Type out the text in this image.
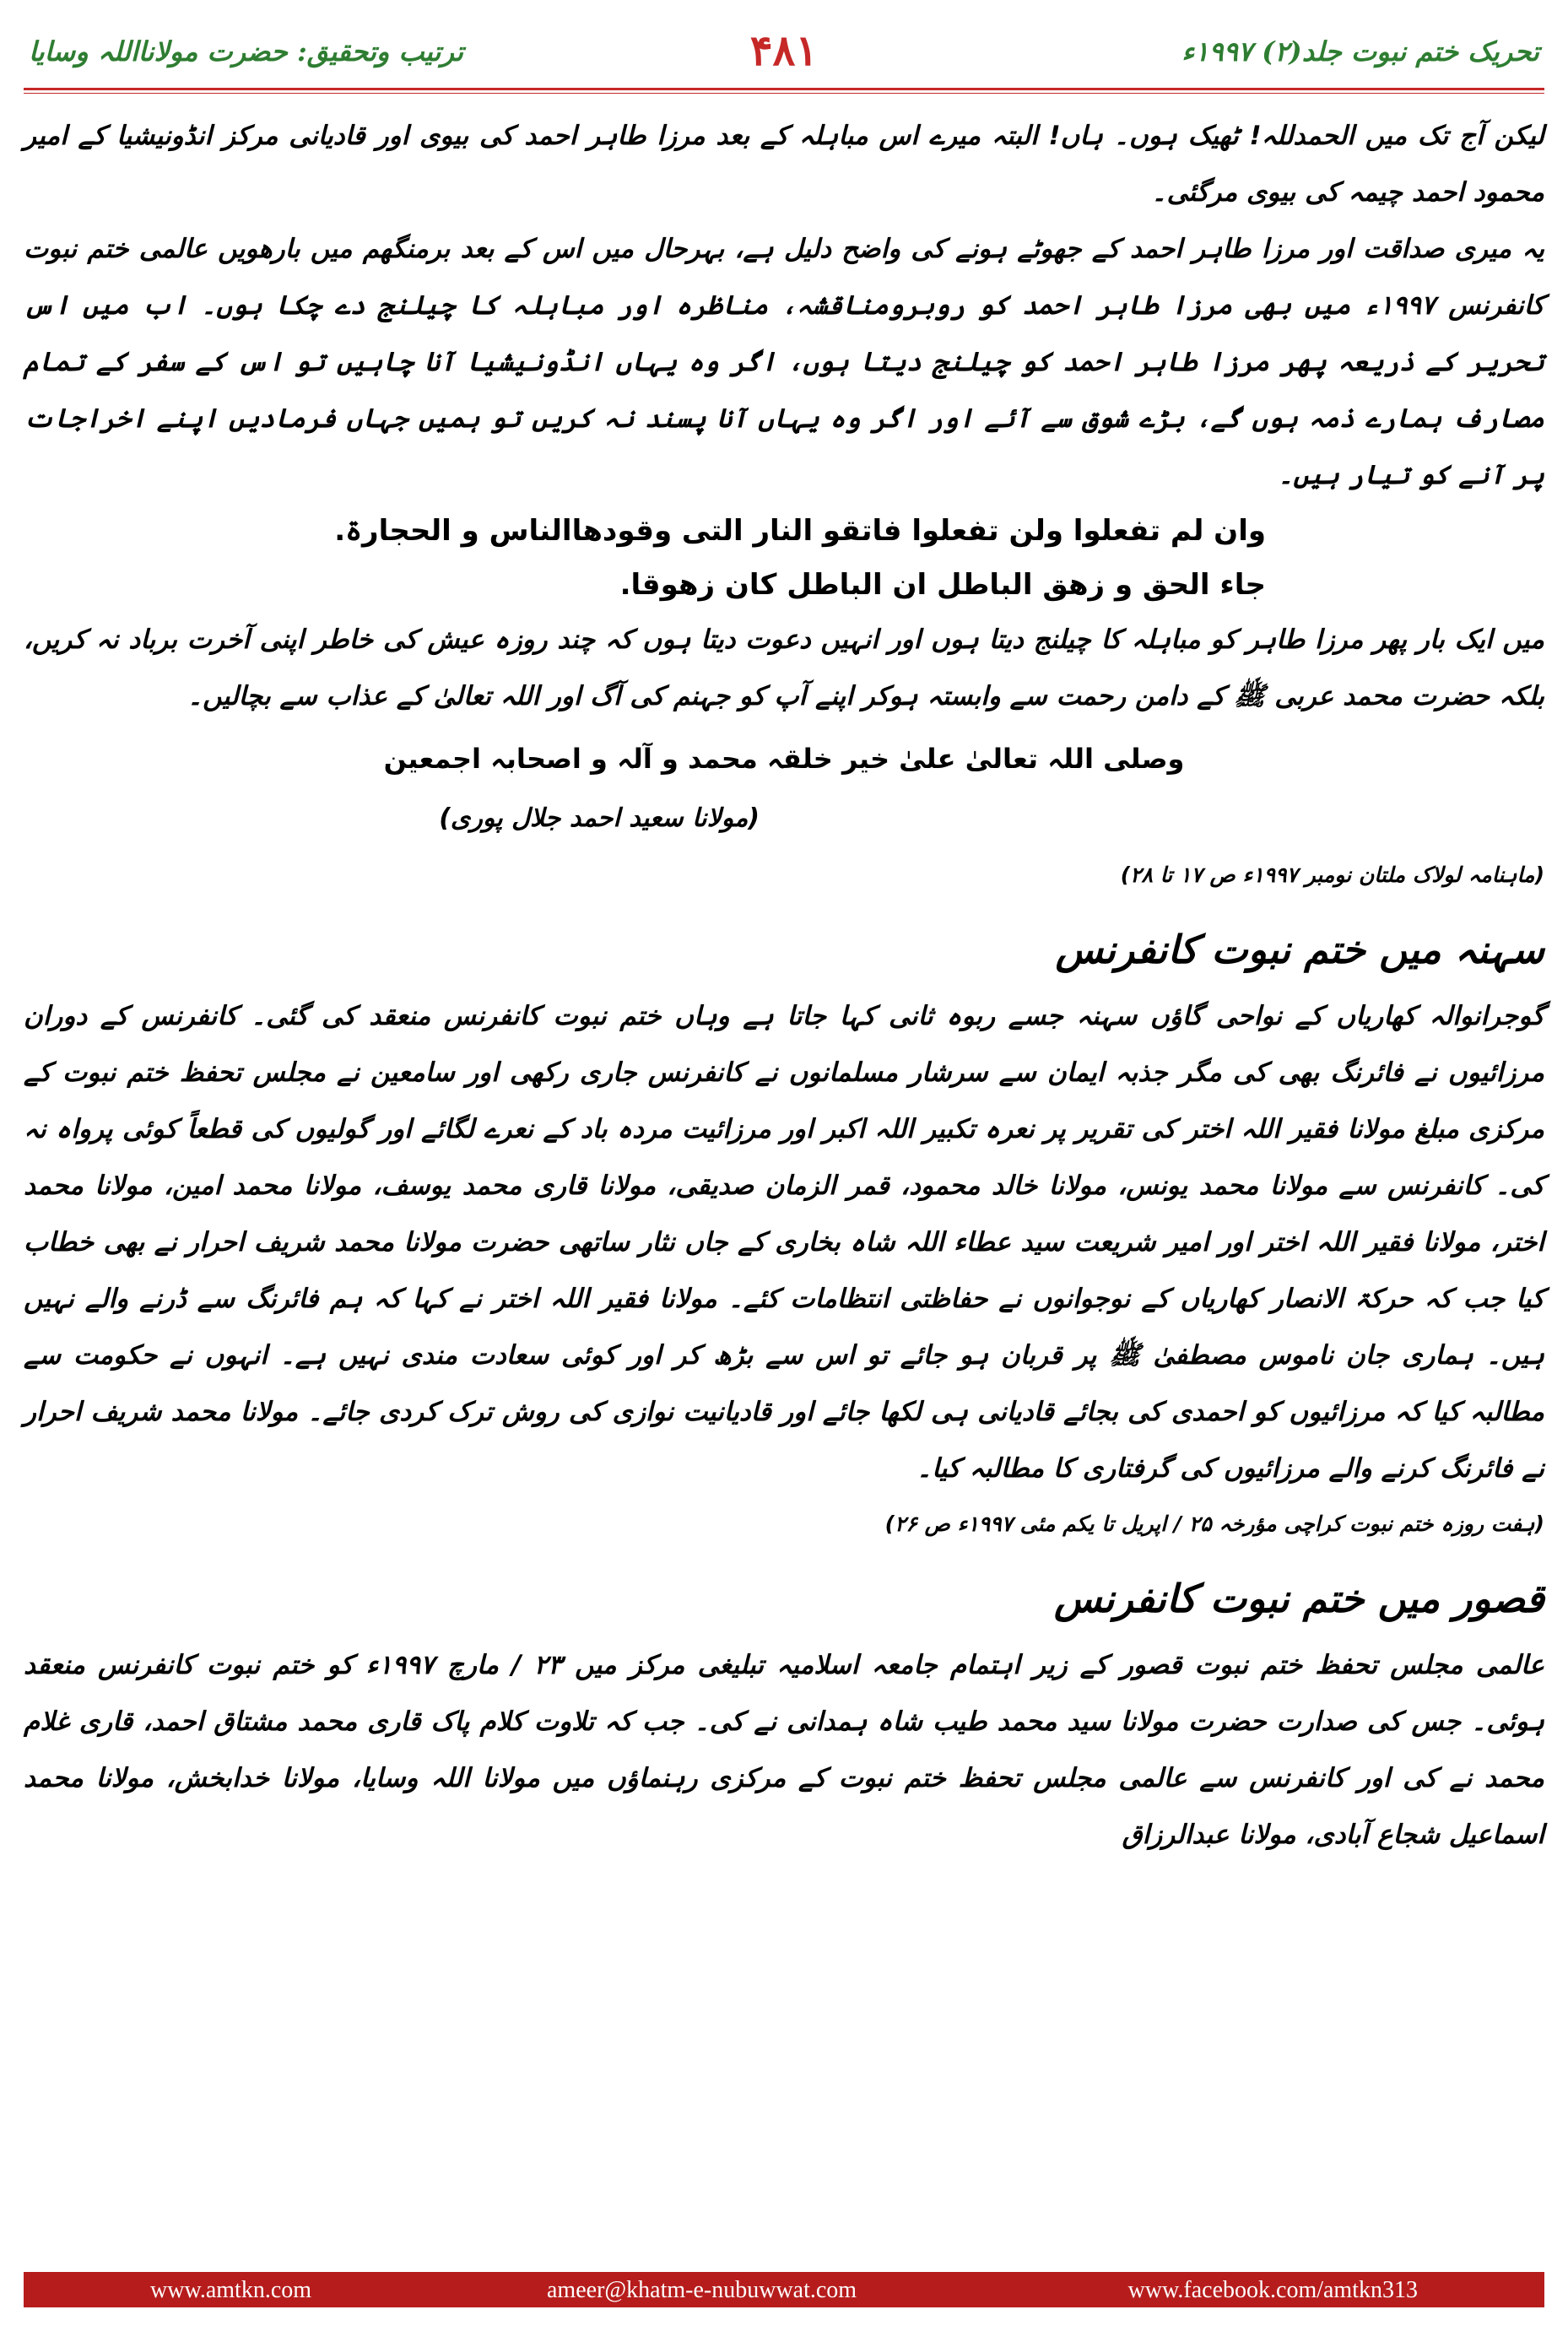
تحریک ختم نبوت جلد(۲) ۱۹۹۷ء
۴۸۱
ترتیب وتحقیق: حضرت مولانااللہ وسایا

لیکن آج تک میں الحمدللہ! ٹھیک ہوں۔ ہاں! البتہ میرے اس مباہلہ کے بعد مرزا طاہر احمد کی بیوی اور قادیانی مرکز انڈونیشیا کے امیر محمود احمد چیمہ کی بیوی مرگئی۔

یہ میری صداقت اور مرزا طاہر احمد کے جھوٹے ہونے کی واضح دلیل ہے، بہرحال میں اس کے بعد برمنگھم میں بارھویں عالمی ختم نبوت کانفرنس ۱۹۹۷ء میں بھی مرزا طاہر احمد کو روبرومناقشہ، مناظرہ اور مباہلہ کا چیلنج دے چکا ہوں۔ اب میں اس تحریر کے ذریعہ پھر مرزا طاہر احمد کو چیلنج دیتا ہوں، اگر وہ یہاں انڈونیشیا آنا چاہیں تو اس کے سفر کے تمام مصارف ہمارے ذمہ ہوں گے، بڑے شوق سے آئے اور اگر وہ یہاں آنا پسند نہ کریں تو ہمیں جہاں فرمادیں اپنے اخراجات پر آنے کو تیار ہیں۔

وان لم تفعلوا ولن تفعلوا فاتقو النار التی وقودھاالناس و الحجارۃ.

جاء الحق و زھق الباطل ان الباطل کان زھوقا.

میں ایک بار پھر مرزا طاہر کو مباہلہ کا چیلنج دیتا ہوں اور انہیں دعوت دیتا ہوں کہ چند روزہ عیش کی خاطر اپنی آخرت برباد نہ کریں، بلکہ حضرت محمد عربی ﷺ کے دامن رحمت سے وابستہ ہوکر اپنے آپ کو جہنم کی آگ اور اللہ تعالیٰ کے عذاب سے بچالیں۔

وصلی اللہ تعالیٰ علیٰ خیر خلقہ محمد و آلہ و اصحابہ اجمعین

(مولانا سعید احمد جلال پوری)

(ماہنامہ لولاک ملتان نومبر ۱۹۹۷ء ص ۱۷ تا ۲۸)

سہنہ میں ختم نبوت کانفرنس

گوجرانوالہ کھاریاں کے نواحی گاؤں سہنہ جسے ربوہ ثانی کہا جاتا ہے وہاں ختم نبوت کانفرنس منعقد کی گئی۔ کانفرنس کے دوران مرزائیوں نے فائرنگ بھی کی مگر جذبہ ایمان سے سرشار مسلمانوں نے کانفرنس جاری رکھی اور سامعین نے مجلس تحفظ ختم نبوت کے مرکزی مبلغ مولانا فقیر اللہ اختر کی تقریر پر نعرہ تکبیر اللہ اکبر اور مرزائیت مردہ باد کے نعرے لگائے اور گولیوں کی قطعاً کوئی پرواہ نہ کی۔ کانفرنس سے مولانا محمد یونس، مولانا خالد محمود، قمر الزمان صدیقی، مولانا قاری محمد یوسف، مولانا محمد امین، مولانا محمد اختر، مولانا فقیر اللہ اختر اور امیر شریعت سید عطاء اللہ شاہ بخاری کے جاں نثار ساتھی حضرت مولانا محمد شریف احرار نے بھی خطاب کیا جب کہ حرکۃ الانصار کھاریاں کے نوجوانوں نے حفاظتی انتظامات کئے۔ مولانا فقیر اللہ اختر نے کہا کہ ہم فائرنگ سے ڈرنے والے نہیں ہیں۔ ہماری جان ناموس مصطفیٰ ﷺ پر قربان ہو جائے تو اس سے بڑھ کر اور کوئی سعادت مندی نہیں ہے۔ انہوں نے حکومت سے مطالبہ کیا کہ مرزائیوں کو احمدی کی بجائے قادیانی ہی لکھا جائے اور قادیانیت نوازی کی روش ترک کردی جائے۔ مولانا محمد شریف احرار نے فائرنگ کرنے والے مرزائیوں کی گرفتاری کا مطالبہ کیا۔

(ہفت روزہ ختم نبوت کراچی مؤرخہ ۲۵ / اپریل تا یکم مئی ۱۹۹۷ء ص ۲۶)

قصور میں ختم نبوت کانفرنس

عالمی مجلس تحفظ ختم نبوت قصور کے زیر اہتمام جامعہ اسلامیہ تبلیغی مرکز میں ۲۳ / مارچ ۱۹۹۷ء کو ختم نبوت کانفرنس منعقد ہوئی۔ جس کی صدارت حضرت مولانا سید محمد طیب شاہ ہمدانی نے کی۔ جب کہ تلاوت کلام پاک قاری محمد مشتاق احمد، قاری غلام محمد نے کی اور کانفرنس سے عالمی مجلس تحفظ ختم نبوت کے مرکزی رہنماؤں میں مولانا اللہ وسایا، مولانا خدابخش، مولانا محمد اسماعیل شجاع آبادی، مولانا عبدالرزاق

www.amtkn.com	ameer@khatm-e-nubuwwat.com	www.facebook.com/amtkn313
